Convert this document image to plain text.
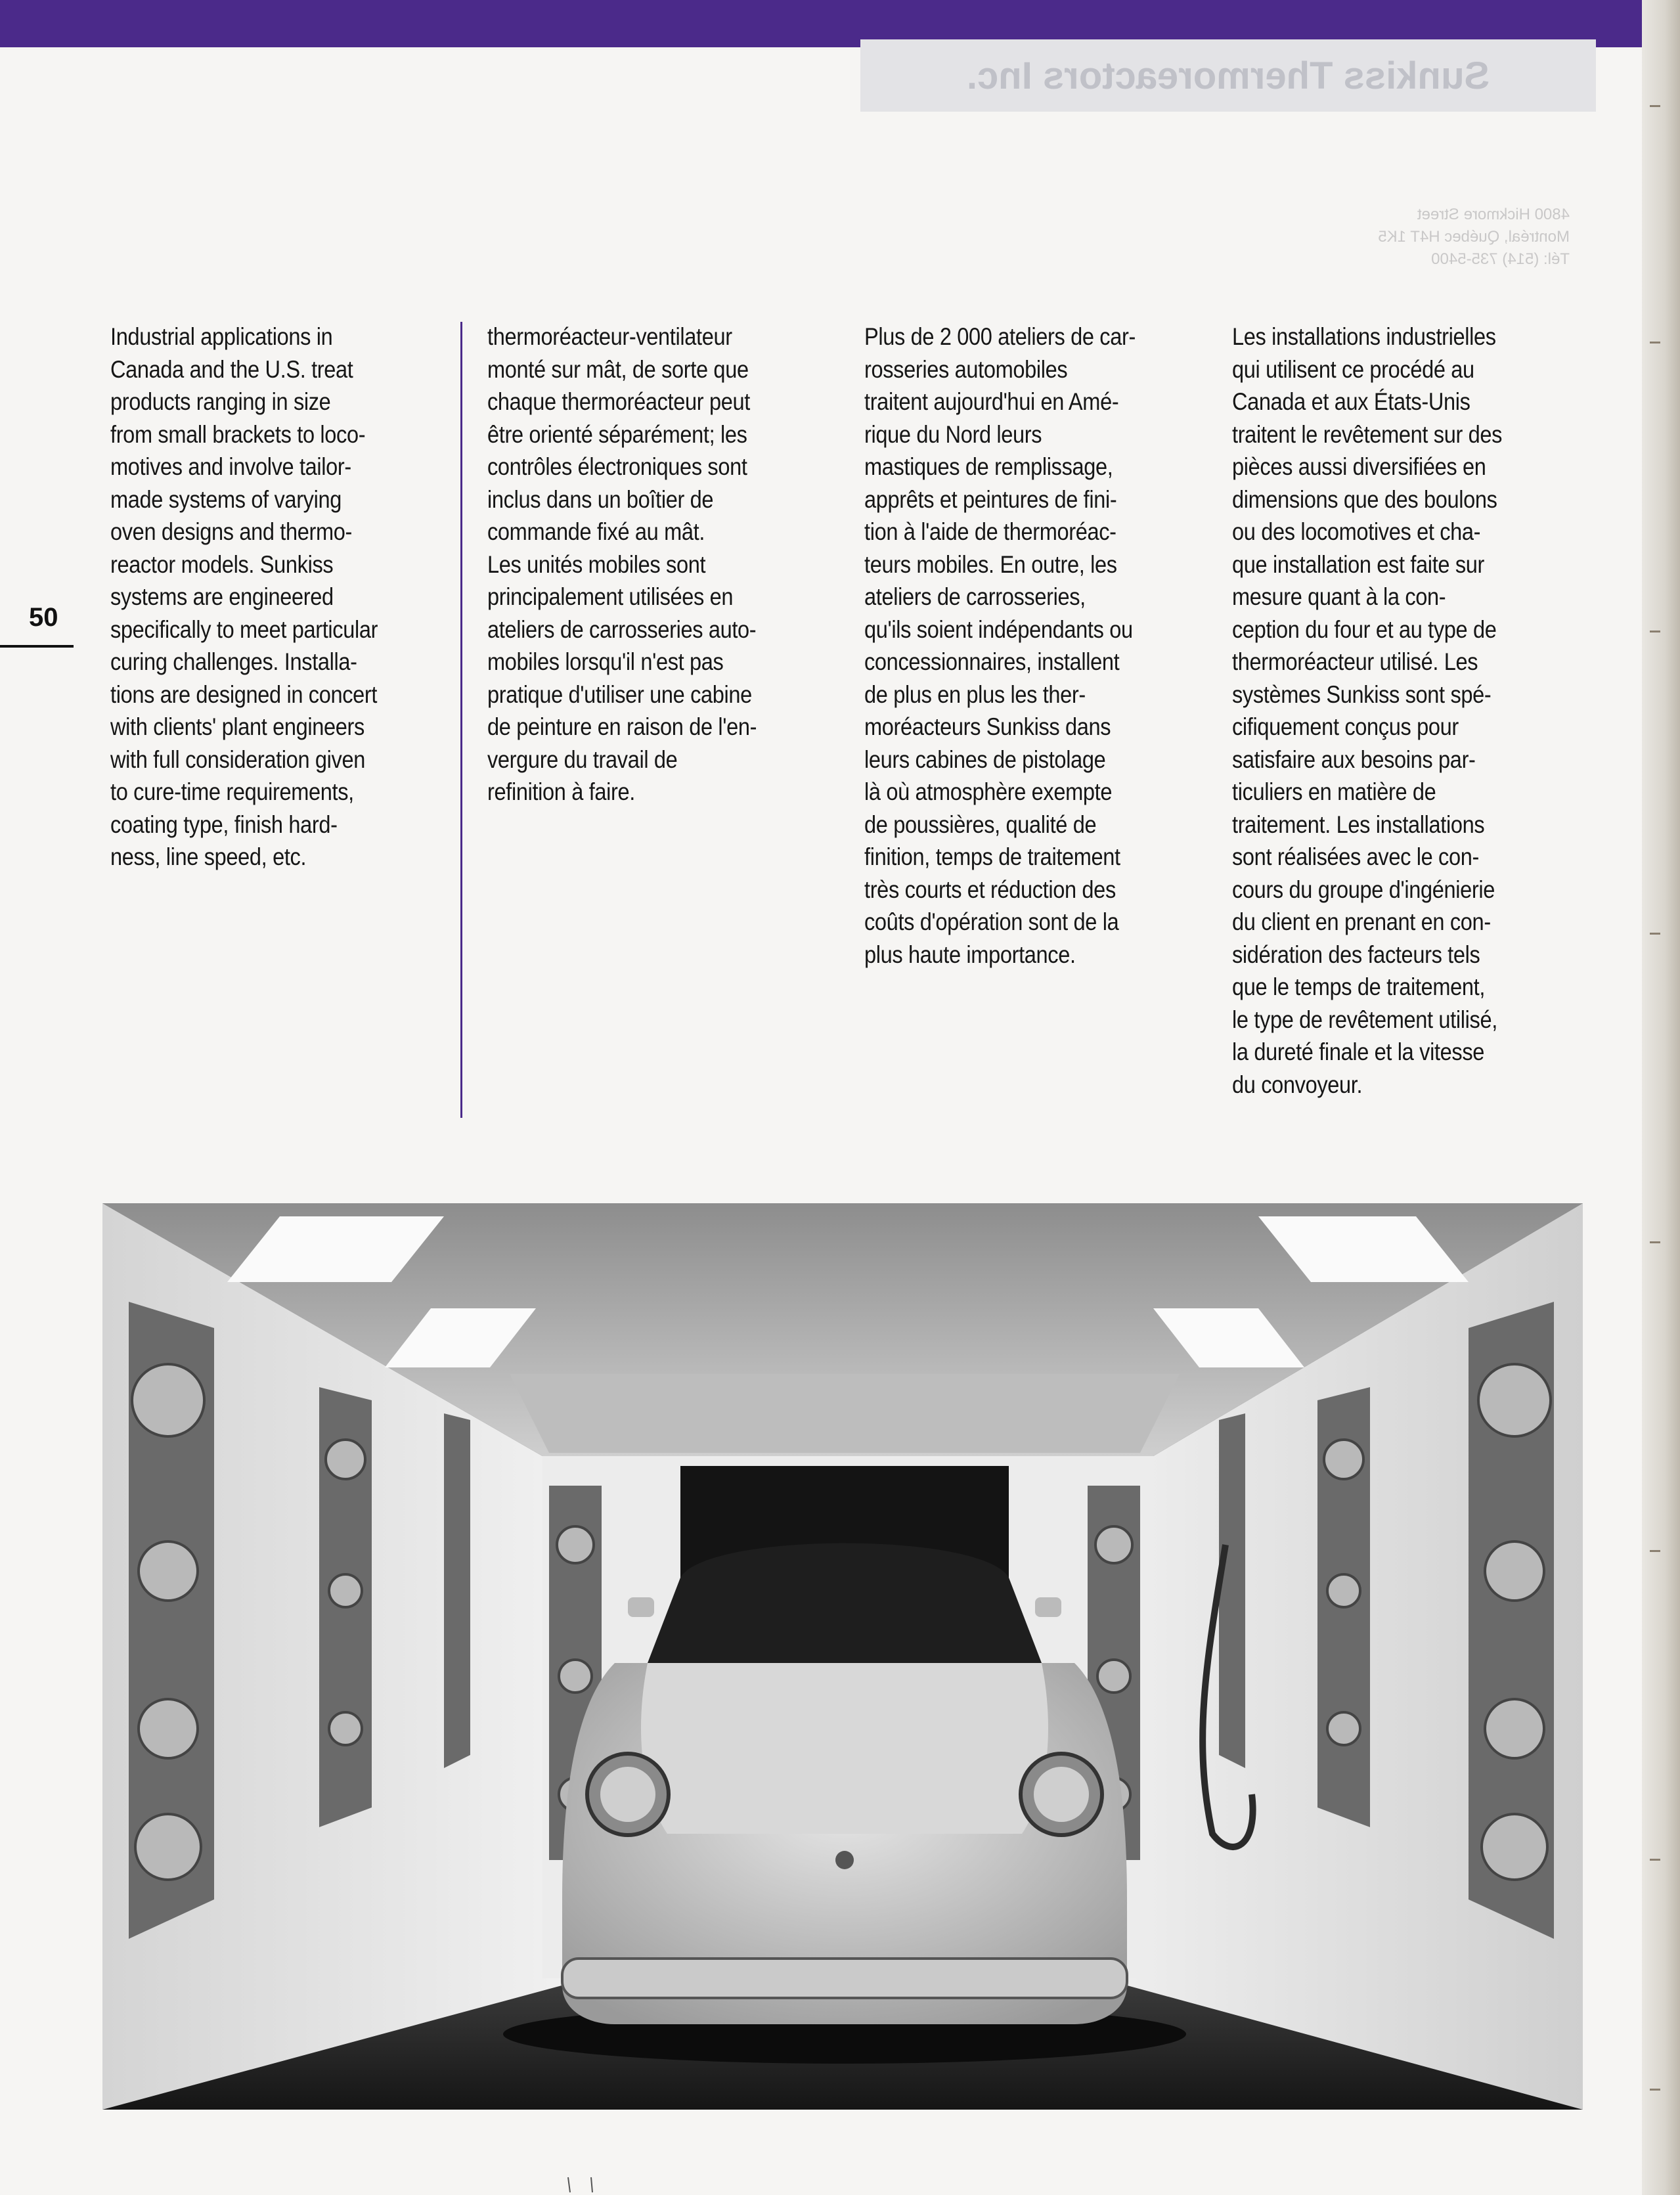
Sunkiss Thermoreactors Inc.
4800 Hickmore Street
Montréal, Québec H4T 1K5
Tél: (514) 735-5400
50

Industrial applications in
Canada and the U.S. treat
products ranging in size
from small brackets to loco-
motives and involve tailor-
made systems of varying
oven designs and thermo-
reactor models. Sunkiss
systems are engineered
specifically to meet particular
curing challenges. Installa-
tions are designed in concert
with clients' plant engineers
with full consideration given
to cure-time requirements,
coating type, finish hard-
ness, line speed, etc.

thermoréacteur-ventilateur
monté sur mât, de sorte que
chaque thermoréacteur peut
être orienté séparément; les
contrôles électroniques sont
inclus dans un boîtier de
commande fixé au mât.
Les unités mobiles sont
principalement utilisées en
ateliers de carrosseries auto-
mobiles lorsqu'il n'est pas
pratique d'utiliser une cabine
de peinture en raison de l'en-
vergure du travail de
refinition à faire.

Plus de 2 000 ateliers de car-
rosseries automobiles
traitent aujourd'hui en Amé-
rique du Nord leurs
mastiques de remplissage,
apprêts et peintures de fini-
tion à l'aide de thermoréac-
teurs mobiles. En outre, les
ateliers de carrosseries,
qu'ils soient indépendants ou
concessionnaires, installent
de plus en plus les ther-
moréacteurs Sunkiss dans
leurs cabines de pistolage
là où atmosphère exempte
de poussières, qualité de
finition, temps de traitement
très courts et réduction des
coûts d'opération sont de la
plus haute importance.

Les installations industrielles
qui utilisent ce procédé au
Canada et aux États-Unis
traitent le revêtement sur des
pièces aussi diversifiées en
dimensions que des boulons
ou des locomotives et cha-
que installation est faite sur
mesure quant à la con-
ception du four et au type de
thermoréacteur utilisé. Les
systèmes Sunkiss sont spé-
cifiquement conçus pour
satisfaire aux besoins par-
ticuliers en matière de
traitement. Les installations
sont réalisées avec le con-
cours du groupe d'ingénierie
du client en prenant en con-
sidération des facteurs tels
que le temps de traitement,
le type de revêtement utilisé,
la dureté finale et la vitesse
du convoyeur.
